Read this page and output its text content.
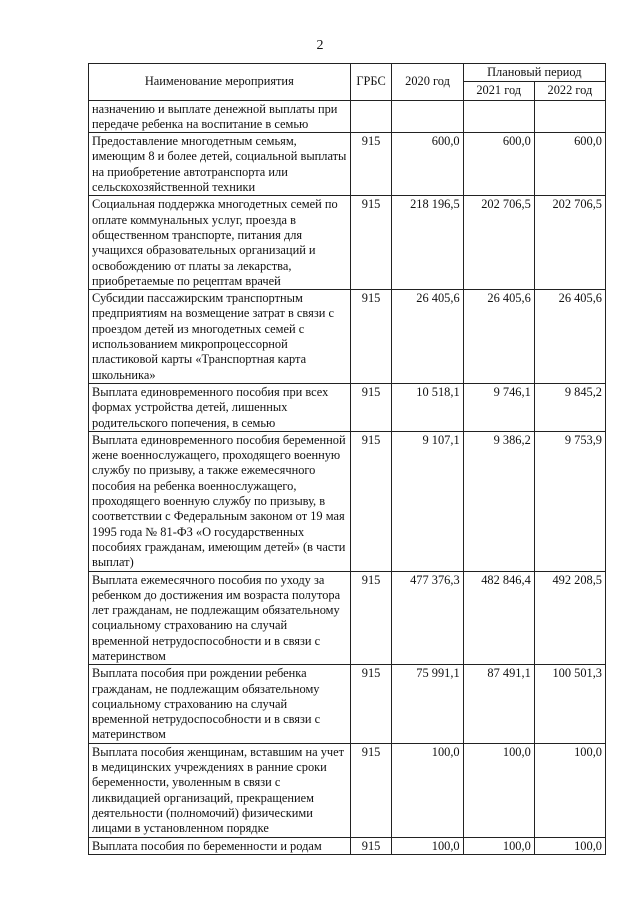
2
Наименование мероприятия	ГРБС	2020 год	Плановый период	
			2021 год	2022 год
назначению и выплате денежной выплаты при передаче ребенка на воспитание в семью				
Предоставление многодетным семьям, имеющим 8 и более детей, социальной выплаты на приобретение автотранспорта или сельскохозяйственной техники	915	600,0	600,0	600,0
Социальная поддержка многодетных семей по оплате коммунальных услуг, проезда в общественном транспорте, питания для учащихся образовательных организаций и освобождению от платы за лекарства, приобретаемые по рецептам врачей	915	218 196,5	202 706,5	202 706,5
Субсидии пассажирским транспортным предприятиям на возмещение затрат в связи с проездом детей из многодетных семей с использованием микропроцессорной пластиковой карты «Транспортная карта школьника»	915	26 405,6	26 405,6	26 405,6
Выплата единовременного пособия при всех формах устройства детей, лишенных родительского попечения, в семью	915	10 518,1	9 746,1	9 845,2
Выплата единовременного пособия беременной жене военнослужащего, проходящего военную службу по призыву, а также ежемесячного пособия на ребенка военнослужащего, проходящего военную службу по призыву, в соответствии с Федеральным законом от 19 мая 1995 года № 81-ФЗ «О государственных пособиях гражданам, имеющим детей» (в части выплат)	915	9 107,1	9 386,2	9 753,9
Выплата ежемесячного пособия по уходу за ребенком до достижения им возраста полутора лет гражданам, не подлежащим обязательному социальному страхованию на случай временной нетрудоспособности и в связи с материнством	915	477 376,3	482 846,4	492 208,5
Выплата пособия при рождении ребенка гражданам, не подлежащим обязательному социальному страхованию на случай временной нетрудоспособности и в связи с материнством	915	75 991,1	87 491,1	100 501,3
Выплата пособия женщинам, вставшим на учет в медицинских учреждениях в ранние сроки беременности, уволенным в связи с ликвидацией организаций, прекращением деятельности (полномочий) физическими лицами в установленном порядке	915	100,0	100,0	100,0
Выплата пособия по беременности и родам	915	100,0	100,0	100,0
